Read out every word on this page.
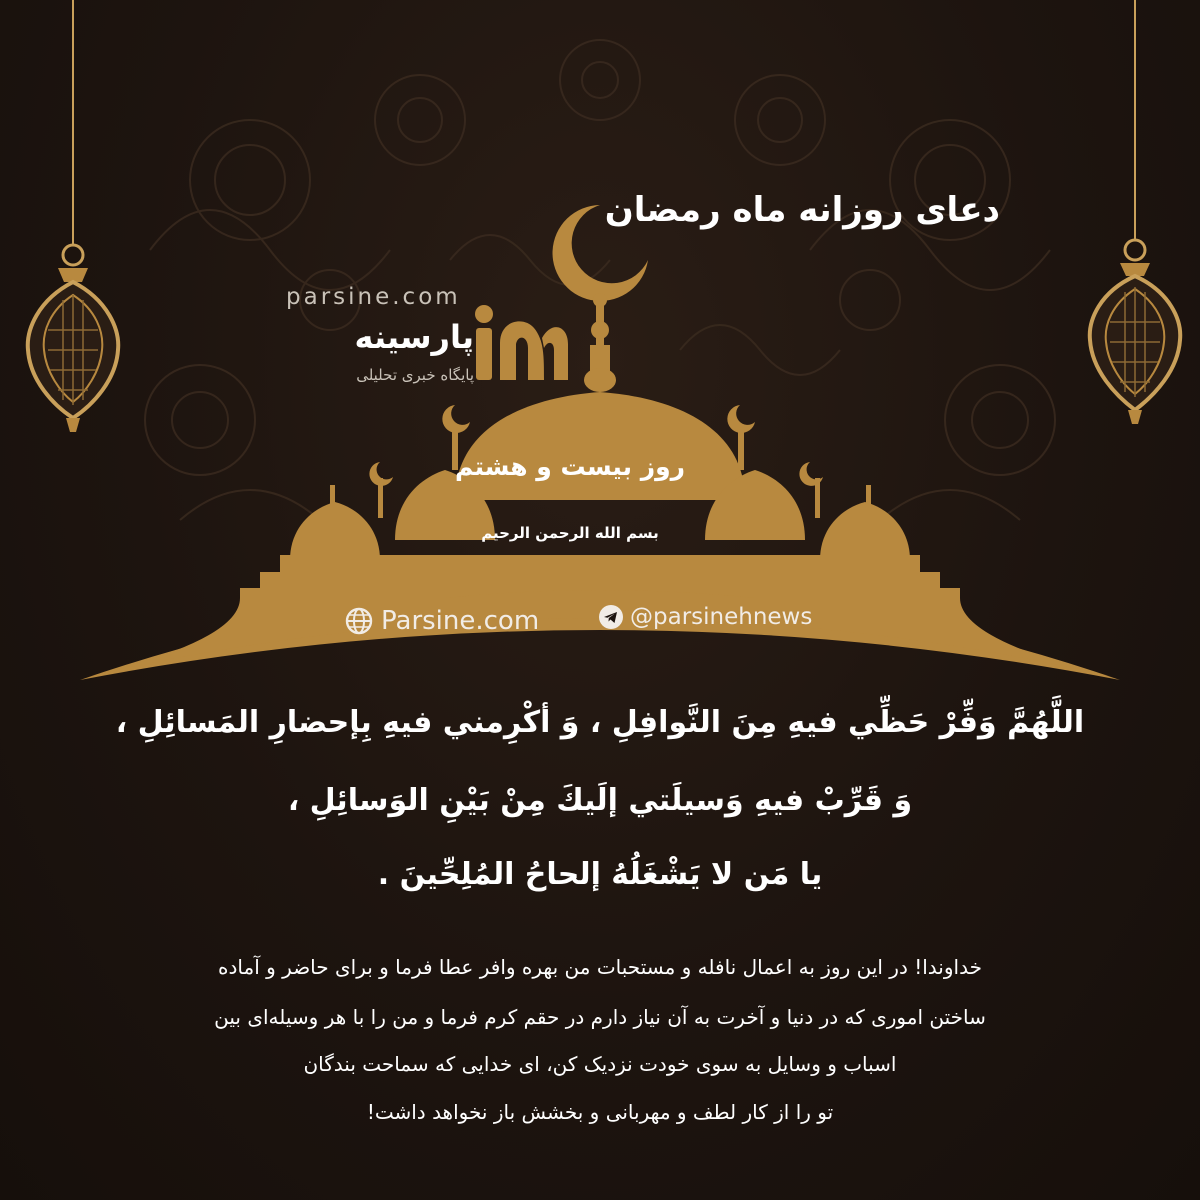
دعای روزانه ماه رمضان
parsine.com
پارسینه
پایگاه خبری تحلیلی
روز بیست و هشتم
بسم الله الرحمن الرحیم
Parsine.com	@parsinehnews
اللَّهُمَّ وَفِّرْ حَظِّي فيهِ مِنَ النَّوافِلِ ، وَ أكْرِمني فيهِ بِإحضارِ المَسائِلِ ،
وَ قَرِّبْ فيهِ وَسيلَتي إلَيكَ مِنْ بَيْنِ الوَسائِلِ ،
يا مَن لا يَشْغَلُهُ إلحاحُ المُلِحِّينَ .
خداوندا! در این روز به اعمال نافله و مستحبات من بهره وافر عطا فرما و برای حاضر و آماده
ساختن اموری که در دنیا و آخرت به آن نیاز دارم در حقم کرم فرما و من را با هر وسیله‌ای بین
اسباب و وسایل به سوی خودت نزدیک کن، ای خدایی که سماحت بندگان
تو را از کار لطف و مهربانی و بخشش باز نخواهد داشت!
